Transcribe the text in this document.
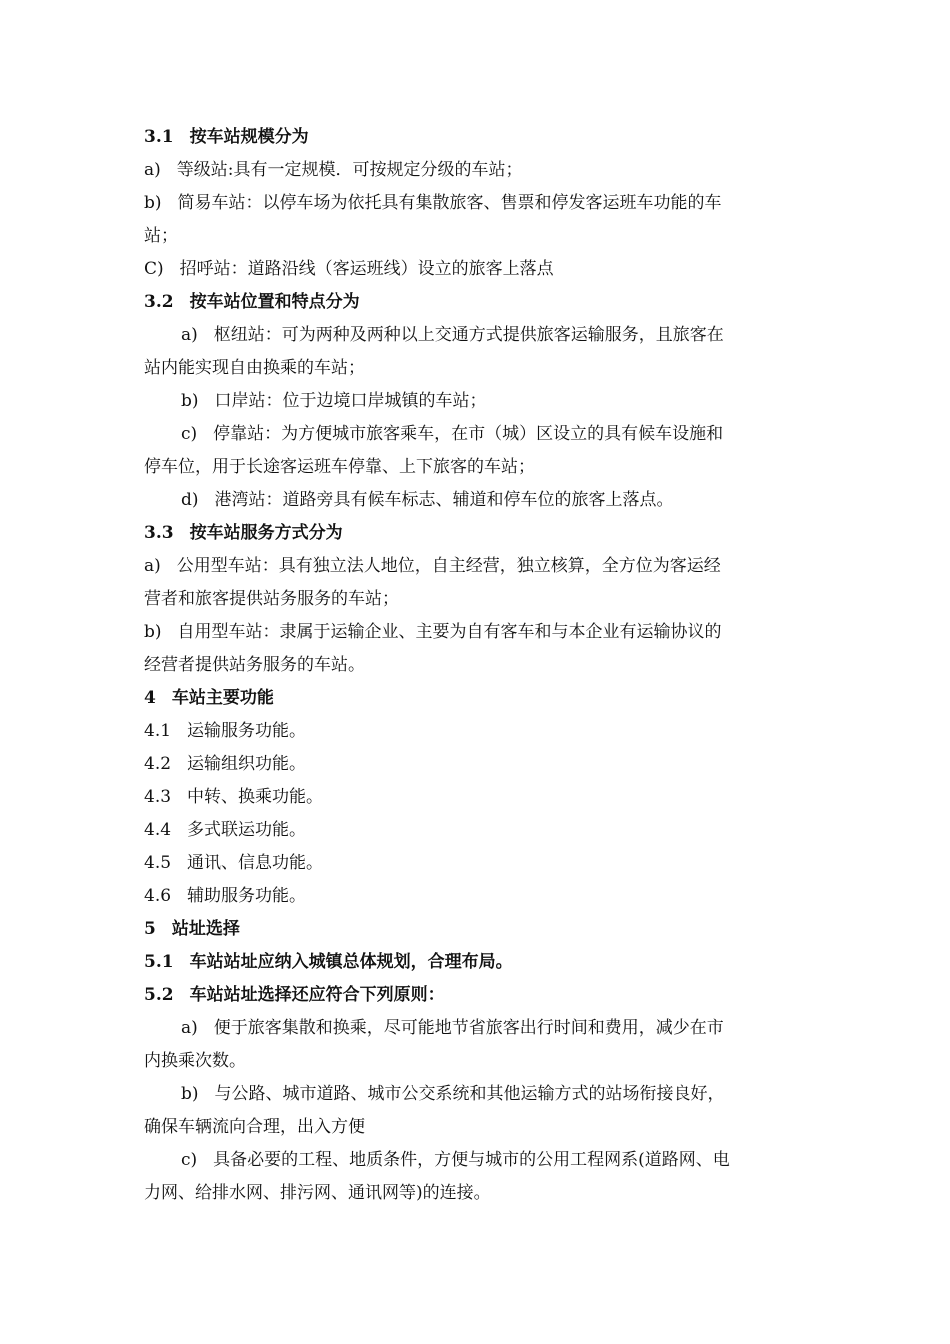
3.1 按车站规模分为
a) 等级站:具有一定规模．可按规定分级的车站；
b) 简易车站：以停车场为依托具有集散旅客、售票和停发客运班车功能的车
站；
C) 招呼站：道路沿线（客运班线）设立的旅客上落点
3.2 按车站位置和特点分为
a) 枢纽站：可为两种及两种以上交通方式提供旅客运输服务，且旅客在
站内能实现自由换乘的车站；
b) 口岸站：位于边境口岸城镇的车站；
c) 停靠站：为方便城市旅客乘车，在市（城）区设立的具有候车设施和
停车位，用于长途客运班车停靠、上下旅客的车站；
d) 港湾站：道路旁具有候车标志、辅道和停车位的旅客上落点。
3.3 按车站服务方式分为
a) 公用型车站：具有独立法人地位，自主经营，独立核算，全方位为客运经
营者和旅客提供站务服务的车站；
b) 自用型车站：隶属于运输企业、主要为自有客车和与本企业有运输协议的
经营者提供站务服务的车站。
4 车站主要功能
4.1 运输服务功能。
4.2 运输组织功能。
4.3 中转、换乘功能。
4.4 多式联运功能。
4.5 通讯、信息功能。
4.6 辅助服务功能。
5 站址选择
5.1 车站站址应纳入城镇总体规划，合理布局。
5.2 车站站址选择还应符合下列原则：
a) 便于旅客集散和换乘，尽可能地节省旅客出行时间和费用，减少在市
内换乘次数。
b) 与公路、城市道路、城市公交系统和其他运输方式的站场衔接良好，
确保车辆流向合理，出入方便
c) 具备必要的工程、地质条件，方便与城市的公用工程网系(道路网、电
力网、给排水网、排污网、通讯网等)的连接。
